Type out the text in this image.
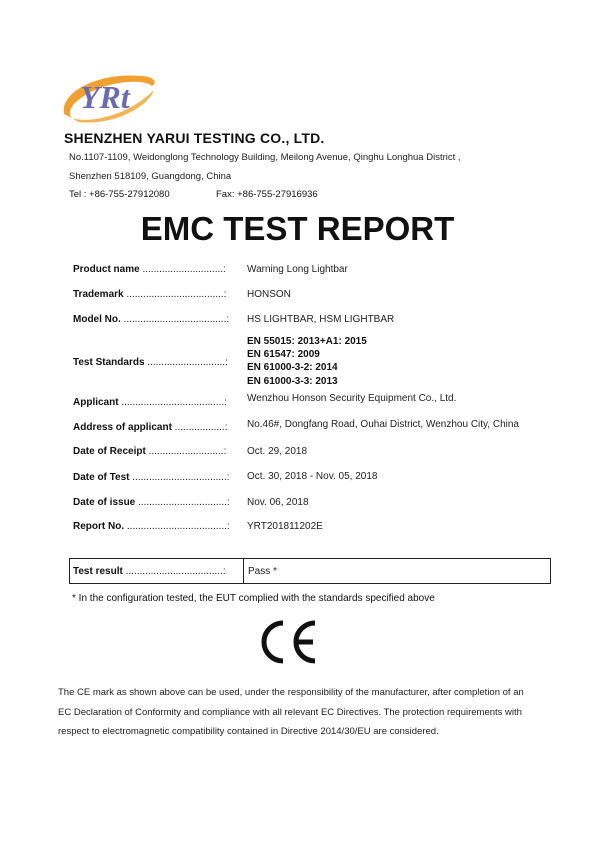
YRt
SHENZHEN YARUI TESTING CO., LTD.
No.1107-1109, Weidonglong Technology Building, Meilong Avenue, Qinghu Longhua District ,
Shenzhen 518109, Guangdong, China
Tel : +86-755-27912080	Fax: +86-755-27916936
EMC TEST REPORT
Product name .............................:	Warning Long Lightbar
Trademark ...................................:	HONSON
Model No. .....................................:	HS LIGHTBAR, HSM LIGHTBAR
Test Standards ............................:
EN 55015: 2013+A1: 2015
EN 61547: 2009
EN 61000-3-2: 2014
EN 61000-3-3: 2013
Applicant .....................................:	Wenzhou Honson Security Equipment Co., Ltd.
Address of applicant ..................:	No.46#, Dongfang Road, Ouhai District, Wenzhou City, China
Date of Receipt ...........................:	Oct. 29, 2018
Date of Test ..................................:	Oct. 30, 2018 - Nov. 05, 2018
Date of issue ................................:	Nov. 06, 2018
Report No. ....................................:	YRT201811202E
Test result ...................................:	Pass *
* In the configuration tested, the EUT complied with the standards specified above
CE
The CE mark as shown above can be used, under the responsibility of the manufacturer, after completion of an
EC Declaration of Conformity and compliance with all relevant EC Directives. The protection requirements with
respect to electromagnetic compatibility contained in Directive 2014/30/EU are considered.
